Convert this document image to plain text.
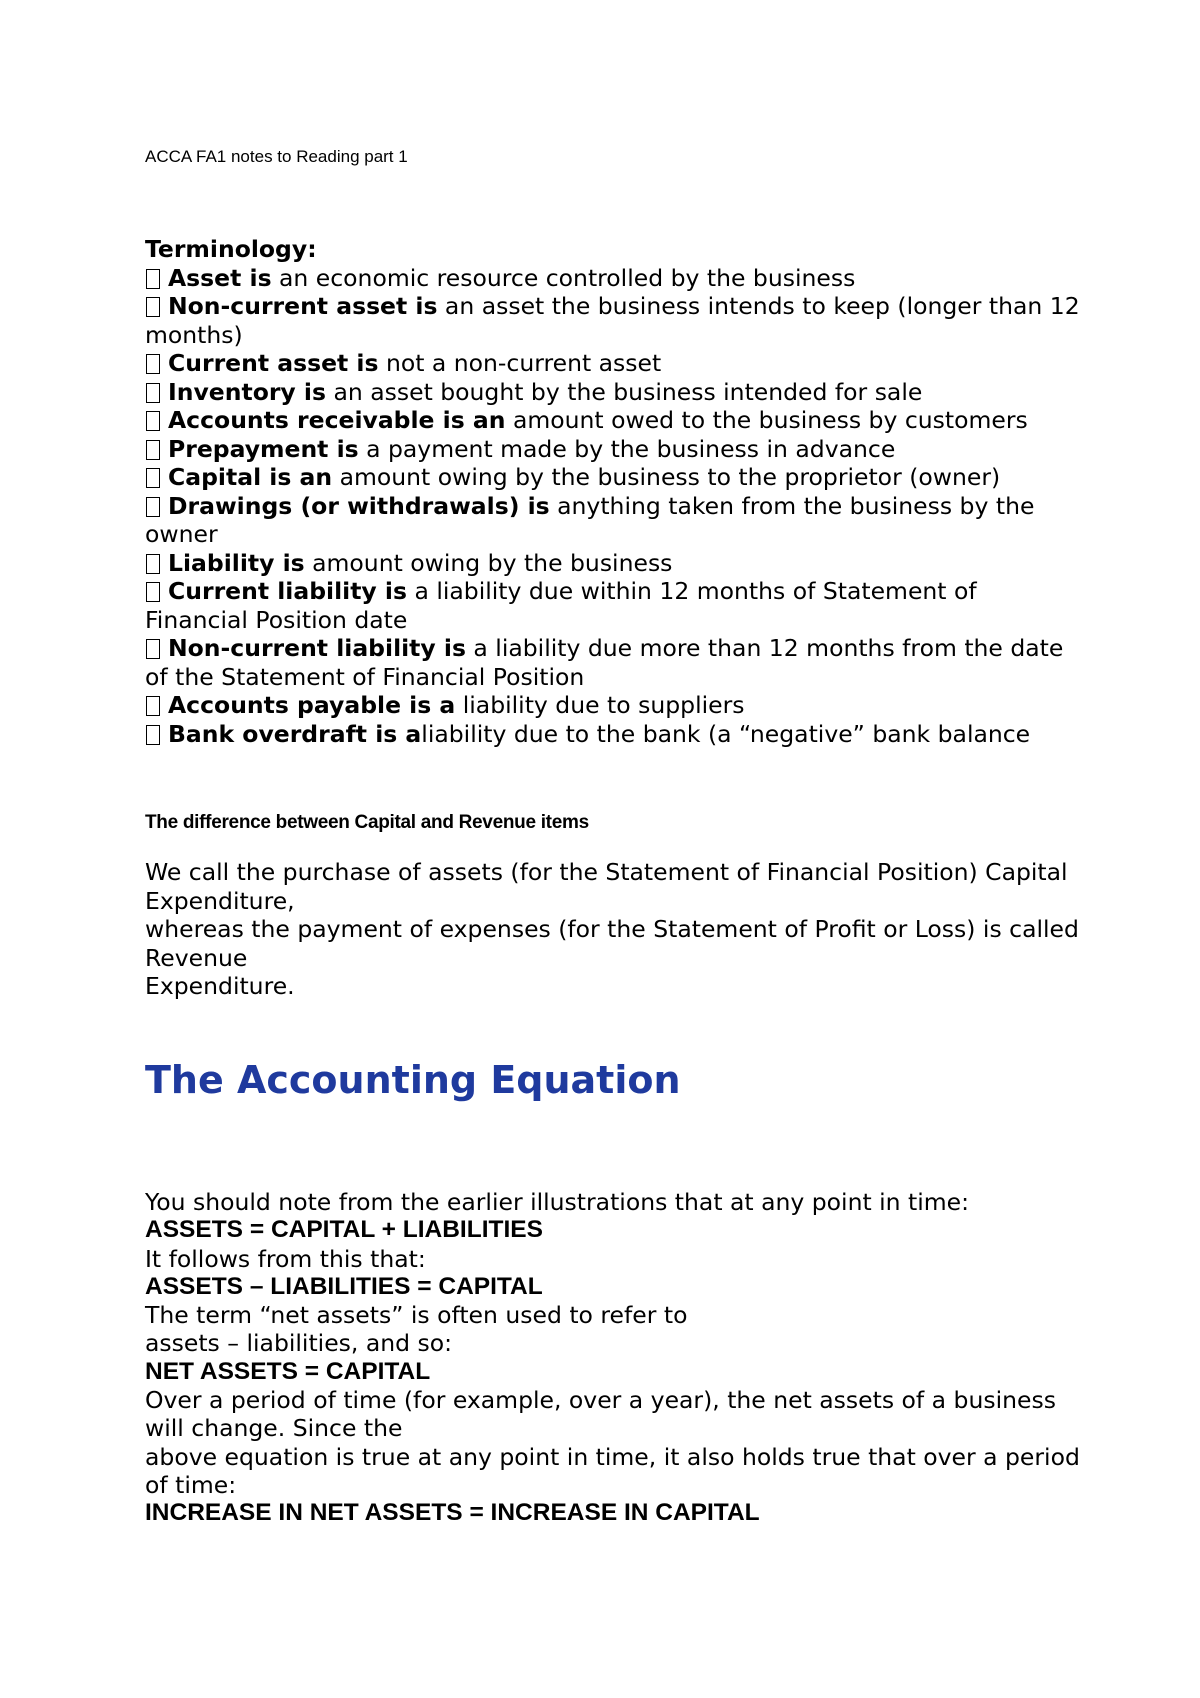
ACCA FA1 notes to Reading part 1
Terminology:
Asset is an economic resource controlled by the business
Non-current asset is an asset the business intends to keep (longer than 12 months)
Current asset is not a non-current asset
Inventory is an asset bought by the business intended for sale
Accounts receivable is an amount owed to the business by customers
Prepayment is a payment made by the business in advance
Capital is an amount owing by the business to the proprietor (owner)
Drawings (or withdrawals) is anything taken from the business by the owner
Liability is amount owing by the business
Current liability is a liability due within 12 months of Statement of Financial Position date
Non-current liability is a liability due more than 12 months from the date of the Statement of Financial Position
Accounts payable is a liability due to suppliers
Bank overdraft is aliability due to the bank (a “negative” bank balance
The difference between Capital and Revenue items
We call the purchase of assets (for the Statement of Financial Position) Capital Expenditure,
whereas the payment of expenses (for the Statement of Profit or Loss) is called Revenue
Expenditure.
The Accounting Equation
You should note from the earlier illustrations that at any point in time:
ASSETS = CAPITAL + LIABILITIES
It follows from this that:
ASSETS – LIABILITIES = CAPITAL
The term “net assets” is often used to refer to
assets – liabilities, and so:
NET ASSETS = CAPITAL
Over a period of time (for example, over a year), the net assets of a business will change. Since the
above equation is true at any point in time, it also holds true that over a period of time:
INCREASE IN NET ASSETS = INCREASE IN CAPITAL
